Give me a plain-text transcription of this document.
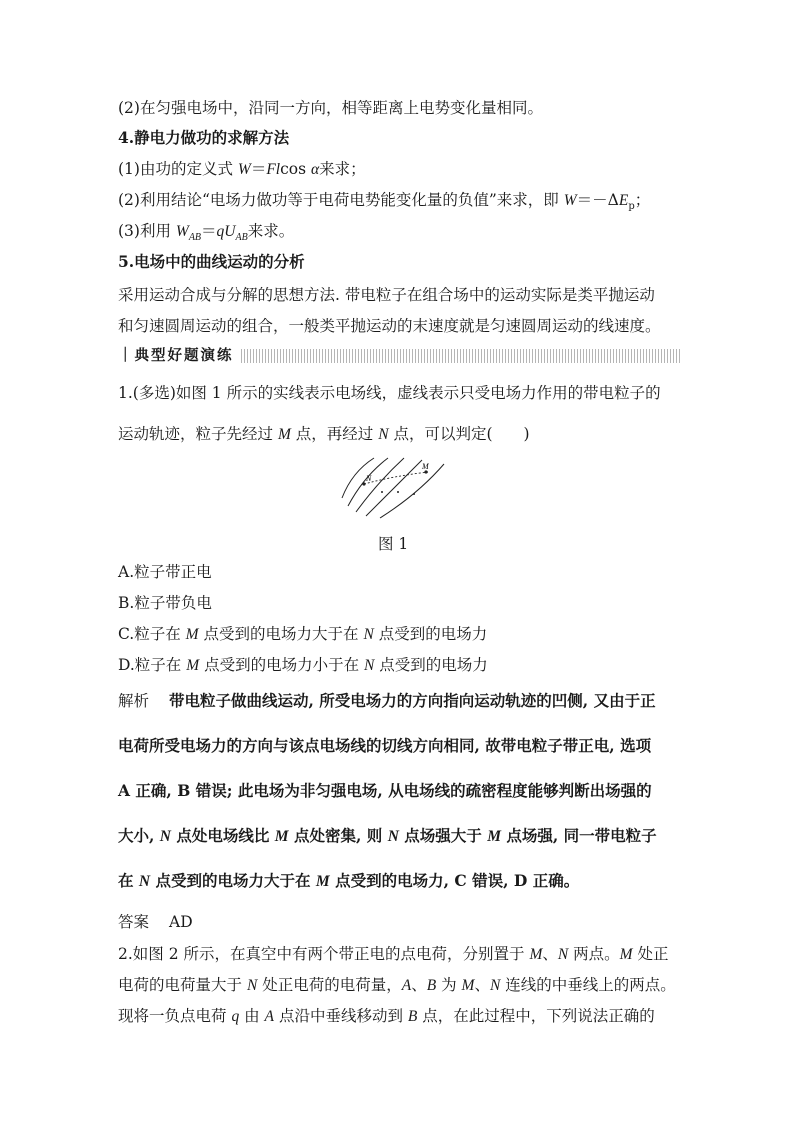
(2)在匀强电场中，沿同一方向，相等距离上电势变化量相同。
4.静电力做功的求解方法
(1)由功的定义式 W＝Flcos α来求；
(2)利用结论“电场力做功等于电荷电势能变化量的负值”来求，即 $W=-\Delta E_p$；
(3)利用 $W_{AB}=qU_{AB}$来求。
5.电场中的曲线运动的分析
采用运动合成与分解的思想方法. 带电粒子在组合场中的运动实际是类平抛运动
和匀速圆周运动的组合，一般类平抛运动的末速度就是匀速圆周运动的线速度。
｜典型好题演练
1.(多选)如图 1 所示的实线表示电场线，虚线表示只受电场力作用的带电粒子的
运动轨迹，粒子先经过 M 点，再经过 N 点，可以判定(　　)
N
M
图 1
A.粒子带正电
B.粒子带负电
C.粒子在 M 点受到的电场力大于在 N 点受到的电场力
D.粒子在 M 点受到的电场力小于在 N 点受到的电场力
解析 带电粒子做曲线运动, 所受电场力的方向指向运动轨迹的凹侧, 又由于正
电荷所受电场力的方向与该点电场线的切线方向相同, 故带电粒子带正电, 选项
A 正确, B 错误; 此电场为非匀强电场, 从电场线的疏密程度能够判断出场强的
大小, N 点处电场线比 M 点处密集, 则 N 点场强大于 M 点场强, 同一带电粒子
在 N 点受到的电场力大于在 M 点受到的电场力, C 错误, D 正确。
答案 AD
2.如图 2 所示，在真空中有两个带正电的点电荷，分别置于 M、N 两点。M 处正
电荷的电荷量大于 N 处正电荷的电荷量，A、B 为 M、N 连线的中垂线上的两点。
现将一负点电荷 q 由 A 点沿中垂线移动到 B 点，在此过程中，下列说法正确的
